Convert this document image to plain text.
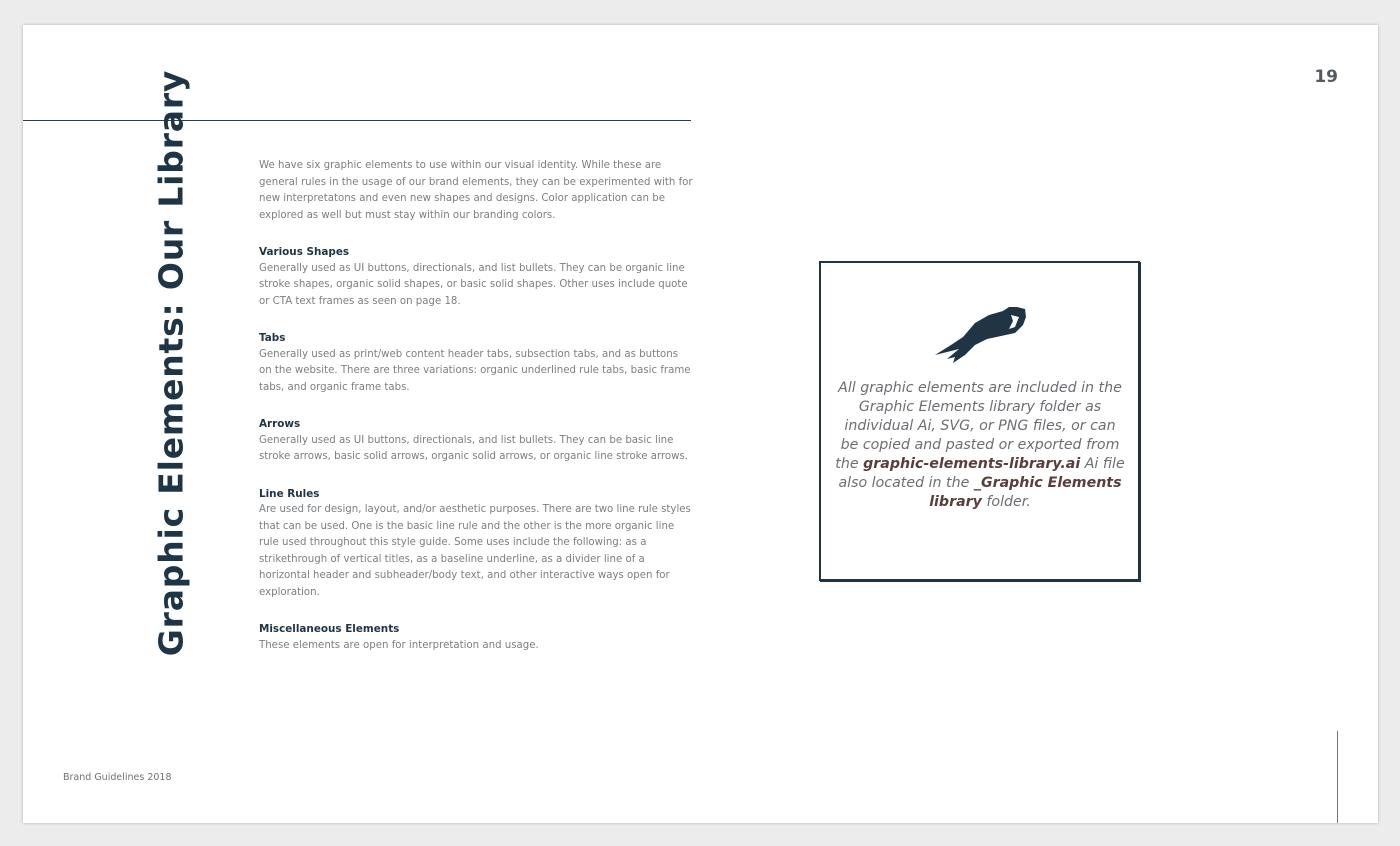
19
Graphic Elements: Our Library	We have six graphic elements to use within our visual identity. While these are general rules in the usage of our brand elements, they can be experimented with for new interpretatons and even new shapes and designs. Color application can be explored as well but must stay within our branding colors.

Various Shapes

Generally used as UI buttons, directionals, and list bullets. They can be organic line stroke shapes, organic solid shapes, or basic solid shapes. Other uses include quote or CTA text frames as seen on page 18.

Tabs

Generally used as print/web content header tabs, subsection tabs, and as buttons on the website. There are three variations: organic underlined rule tabs, basic frame tabs, and organic frame tabs.

Arrows

Generally used as UI buttons, directionals, and list bullets. They can be basic line stroke arrows, basic solid arrows, organic solid arrows, or organic line stroke arrows.

Line Rules

Are used for design, layout, and/or aesthetic purposes. There are two line rule styles that can be used. One is the basic line rule and the other is the more organic line rule used throughout this style guide. Some uses include the following: as a strikethrough of vertical titles, as a baseline underline, as a divider line of a horizontal header and subheader/body text, and other interactive ways open for exploration.

Miscellaneous Elements

These elements are open for interpretation and usage.

All graphic elements are included in the Graphic Elements library folder as individual Ai, SVG, or PNG files, or can be copied and pasted or exported from the graphic-elements-library.ai Ai file also located in the _Graphic Elements library folder.
Brand Guidelines 2018
